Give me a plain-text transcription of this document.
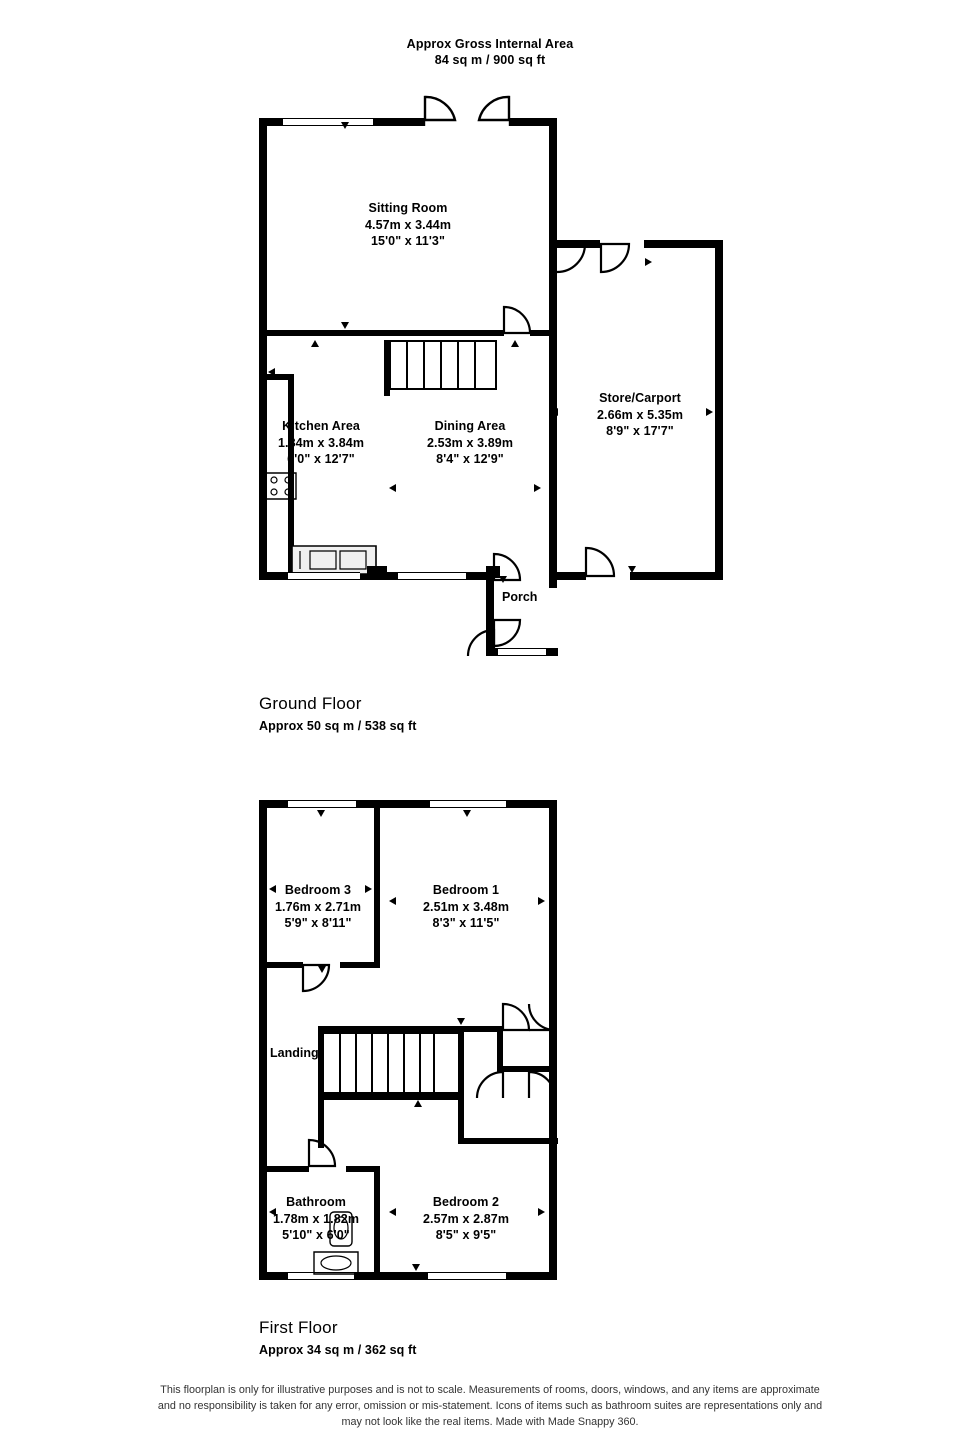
Approx Gross Internal Area
84 sq m / 900 sq ft
Sitting Room
4.57m x 3.44m
15'0" x 11'3"
Kitchen Area
1.84m x 3.84m
6'0" x 12'7"
Dining Area
2.53m x 3.89m
8'4" x 12'9"
Store/Carport
2.66m x 5.35m
8'9" x 17'7"
Porch
Ground Floor
Approx 50 sq m / 538 sq ft
Bedroom 3
1.76m x 2.71m
5'9" x 8'11"
Bedroom 1
2.51m x 3.48m
8'3" x 11'5"
Bedroom 2
2.57m x 2.87m
8'5" x 9'5"
Bathroom
1.78m x 1.82m
5'10" x 6'0"
Landing
First Floor
Approx 34 sq m / 362 sq ft
This floorplan is only for illustrative purposes and is not to scale. Measurements of rooms, doors, windows, and any items are approximate
and no responsibility is taken for any error, omission or mis-statement. Icons of items such as bathroom suites are representations only and
may not look like the real items. Made with Made Snappy 360.
